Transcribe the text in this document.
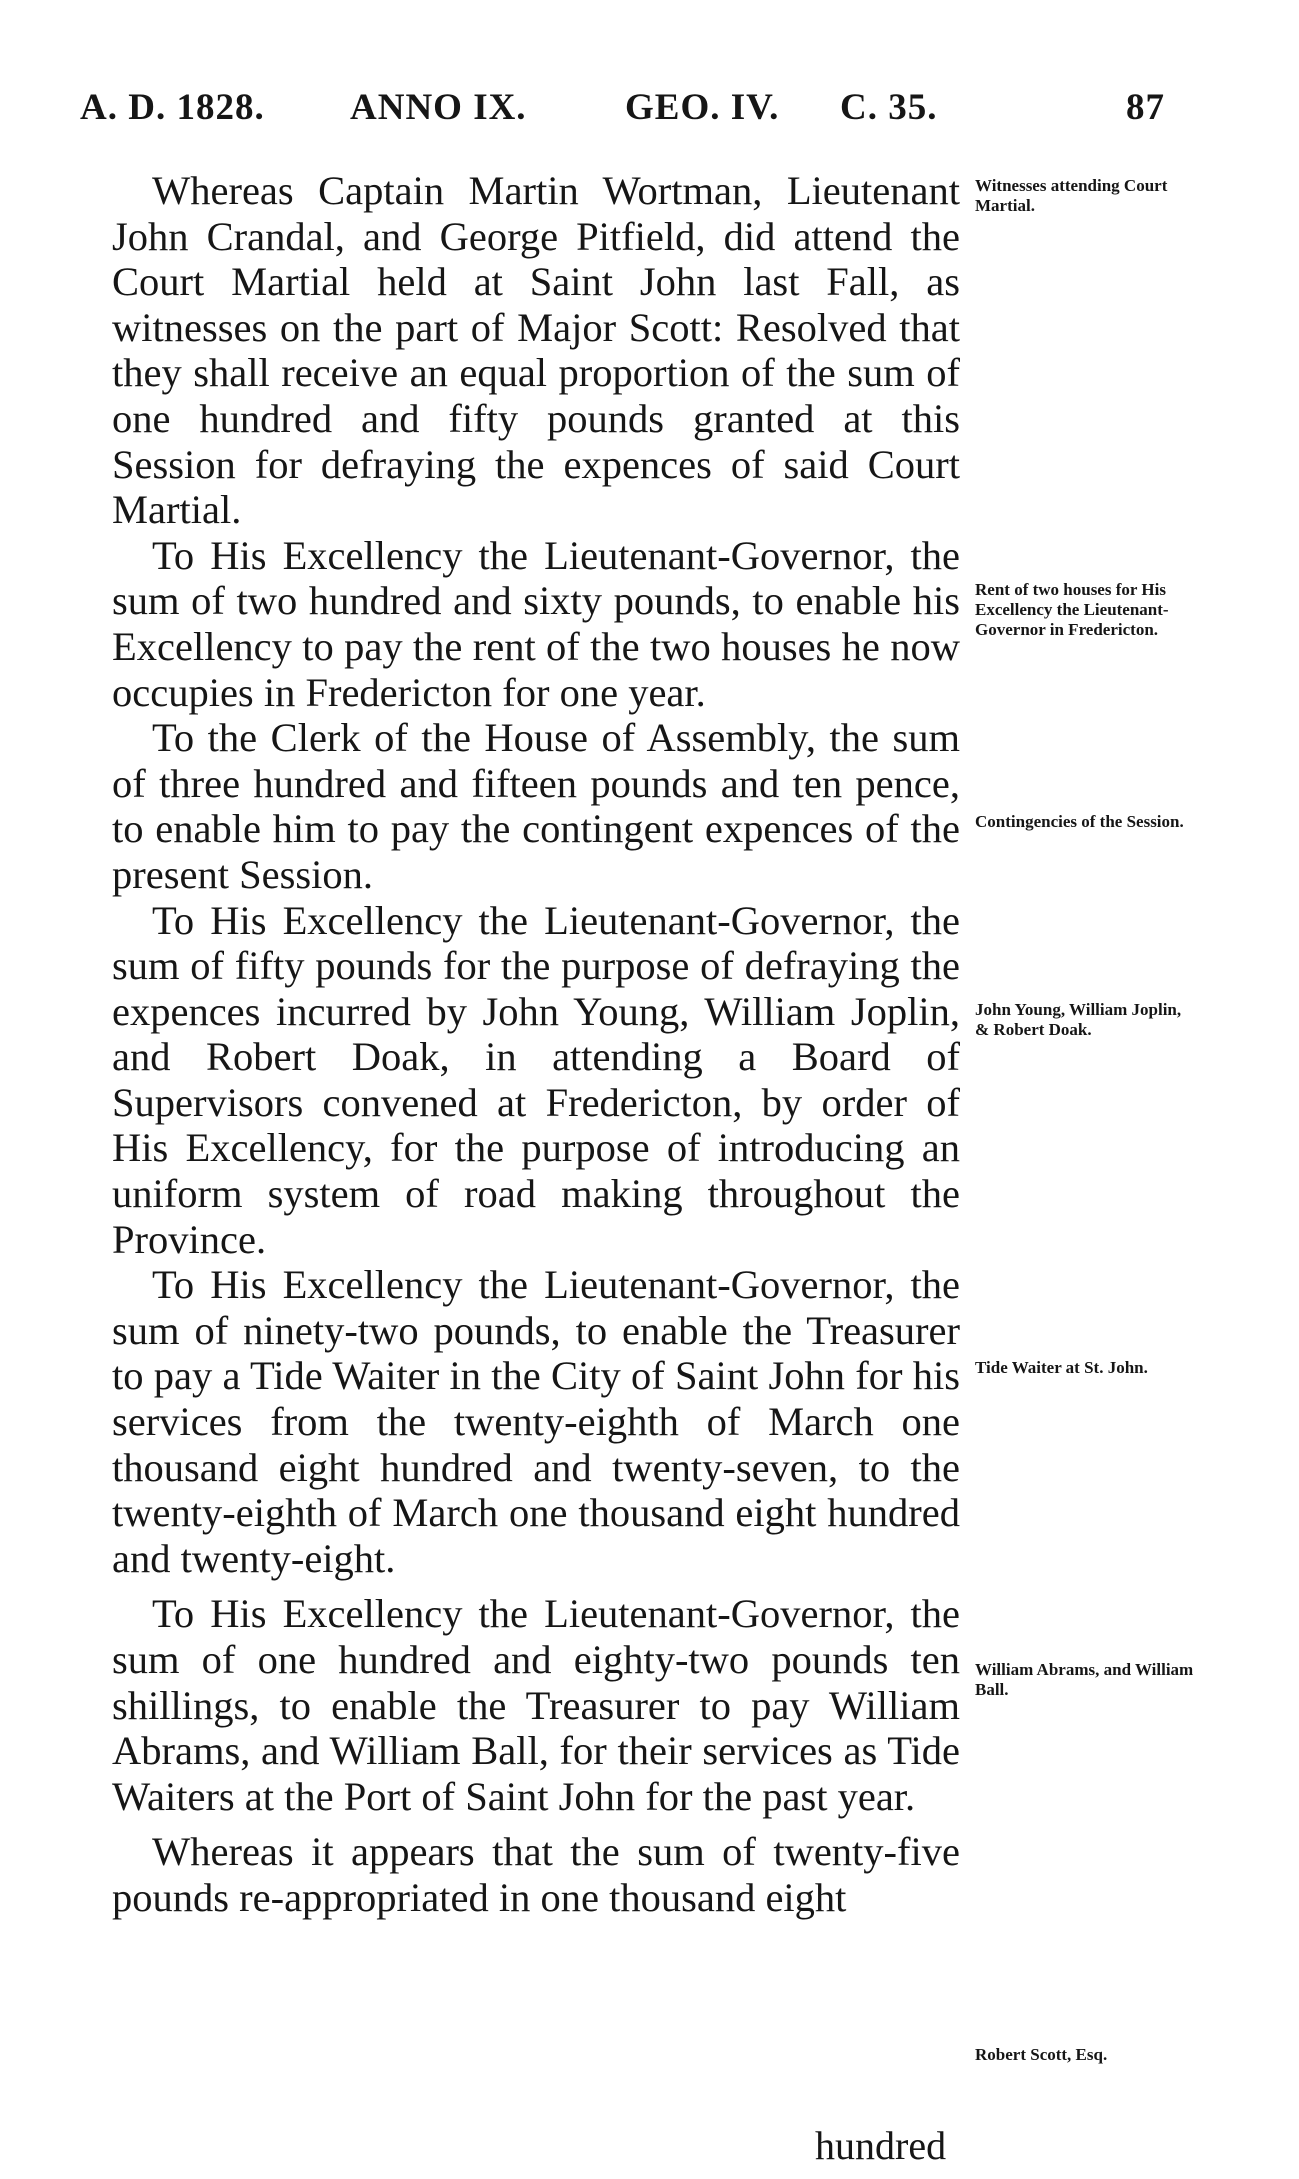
A. D. 1828. ANNO IX.	GEO. IV. C. 35.	87

Whereas Captain Martin Wortman, Lieutenant John Crandal, and George Pitfield, did attend the Court Martial held at Saint John last Fall, as witnesses on the part of Major Scott: Resolved that they shall receive an equal proportion of the sum of one hundred and fifty pounds granted at this Session for defraying the expences of said Court Martial.

To His Excellency the Lieutenant-Governor, the sum of two hundred and sixty pounds, to enable his Excellency to pay the rent of the two houses he now occupies in Fredericton for one year.

To the Clerk of the House of Assembly, the sum of three hundred and fifteen pounds and ten pence, to enable him to pay the contingent expences of the present Session.

To His Excellency the Lieutenant-Governor, the sum of fifty pounds for the purpose of defraying the expences incurred by John Young, William Joplin, and Robert Doak, in attending a Board of Supervisors convened at Fredericton, by order of His Excellency, for the purpose of introducing an uniform system of road making throughout the Province.

To His Excellency the Lieutenant-Governor, the sum of ninety-two pounds, to enable the Treasurer to pay a Tide Waiter in the City of Saint John for his services from the twenty-eighth of March one thousand eight hundred and twenty-seven, to the twenty-eighth of March one thousand eight hundred and twenty-eight.

To His Excellency the Lieutenant-Governor, the sum of one hundred and eighty-two pounds ten shillings, to enable the Treasurer to pay William Abrams, and William Ball, for their services as Tide Waiters at the Port of Saint John for the past year.

Whereas it appears that the sum of twenty-five pounds re-appropriated in one thousand eight

Witnesses attending Court Martial.
Rent of two houses for His Excellency the Lieutenant-Governor in Fredericton.
Contingencies of the Session.
John Young, William Joplin, & Robert Doak.
Tide Waiter at St. John.
William Abrams, and William Ball.
Robert Scott, Esq.
hundred
